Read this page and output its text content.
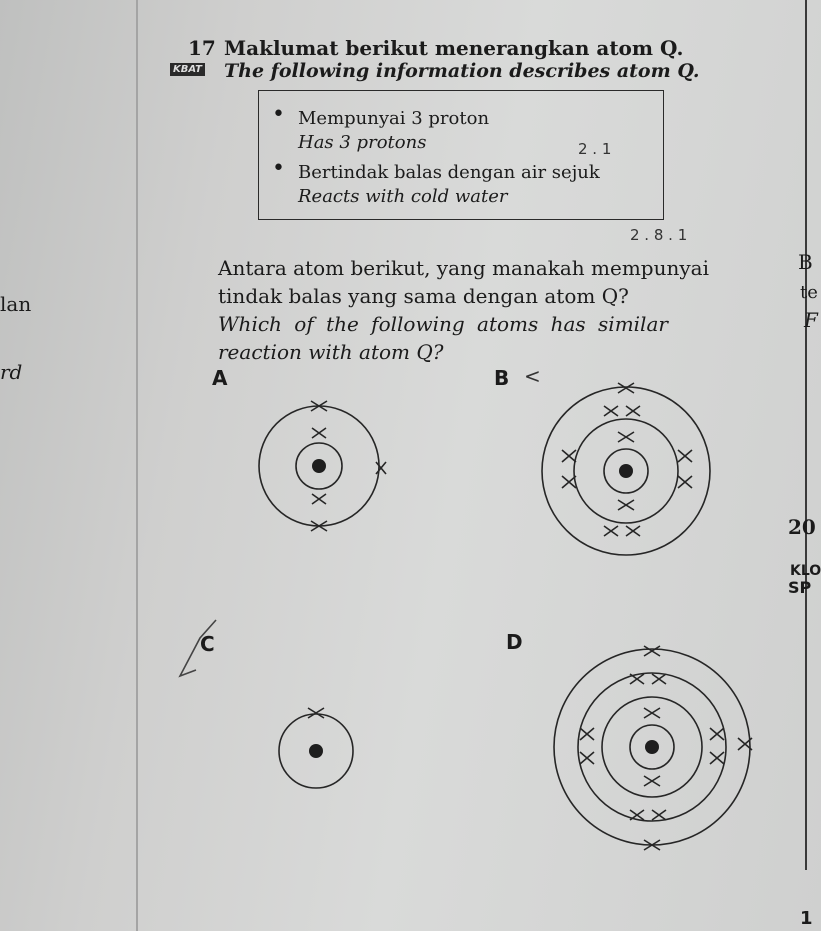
lan
rd
17 Maklumat berikut menerangkan atom Q.
KBAT The following information describes atom Q.
• Mempunyai 3 proton
Has 3 protons
• Bertindak balas dengan air sejuk
Reacts with cold water
2 . 1
2 . 8 . 1
Antara atom berikut, yang manakah mempunyai
tindak balas yang sama dengan atom Q?
Which of the following atoms has similar
reaction with atom Q?
A	B <
C	D
B
te
F
20
KLO
SP
1
